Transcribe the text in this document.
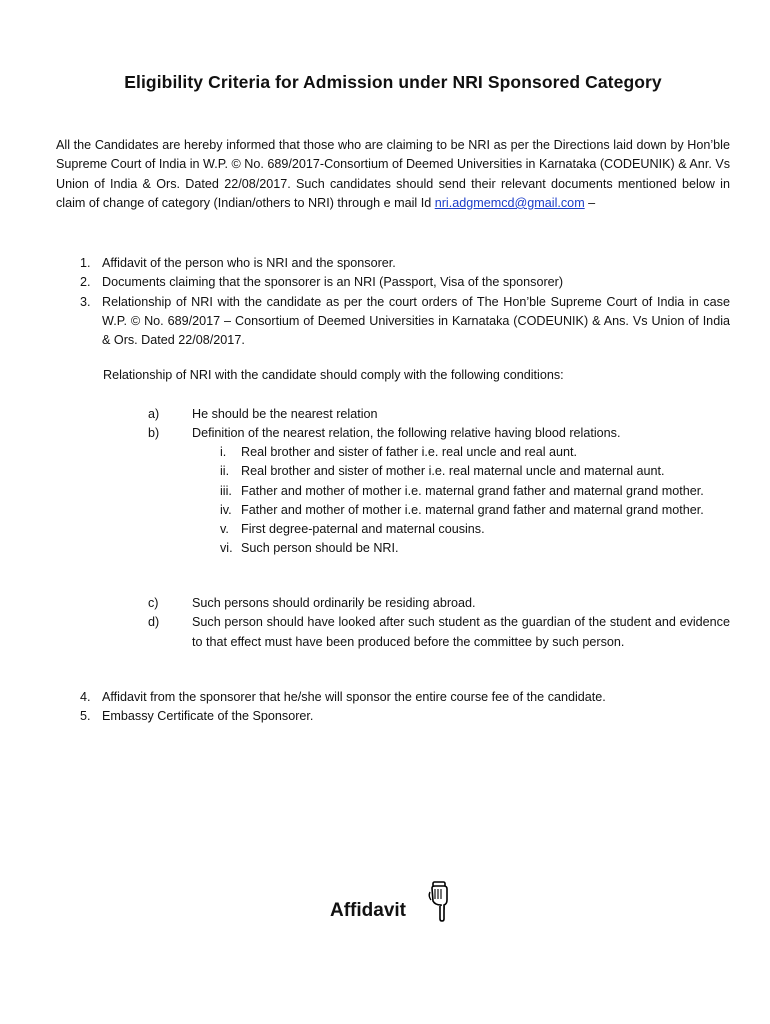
Eligibility Criteria for Admission under NRI Sponsored Category
All the Candidates are hereby informed that those who are claiming to be NRI as per the Directions laid down by Hon’ble Supreme Court of India in W.P. © No. 689/2017-Consortium of Deemed Universities in Karnataka (CODEUNIK) & Anr. Vs Union of India & Ors. Dated 22/08/2017. Such candidates should send their relevant documents mentioned below in claim of change of category (Indian/others to NRI) through e mail Id nri.adgmemcd@gmail.com –
1. Affidavit of the person who is NRI and the sponsorer.
2. Documents claiming that the sponsorer is an NRI (Passport, Visa of the sponsorer)
3. Relationship of NRI with the candidate as per the court orders of The Hon’ble Supreme Court of India in case W.P. © No. 689/2017 – Consortium of Deemed Universities in Karnataka (CODEUNIK) & Ans. Vs Union of India & Ors. Dated 22/08/2017.
Relationship of NRI with the candidate should comply with the following conditions:
a)	He should be the nearest relation
b)	Definition of the nearest relation, the following relative having blood relations.
i.	Real brother and sister of father i.e. real uncle and real aunt.
ii. Real brother and sister of mother i.e. real maternal uncle and maternal aunt.
iii. Father and mother of mother i.e. maternal grand father and maternal grand mother.
iv. Father and mother of mother i.e. maternal grand father and maternal grand mother.
v. First degree-paternal and maternal cousins.
vi. Such person should be NRI.
c)	Such persons should ordinarily be residing abroad.
d)	Such person should have looked after such student as the guardian of the student and evidence to that effect must have been produced before the committee by such person.
4. Affidavit from the sponsorer that he/she will sponsor the entire course fee of the candidate.
5. Embassy Certificate of the Sponsorer.
Affidavit
